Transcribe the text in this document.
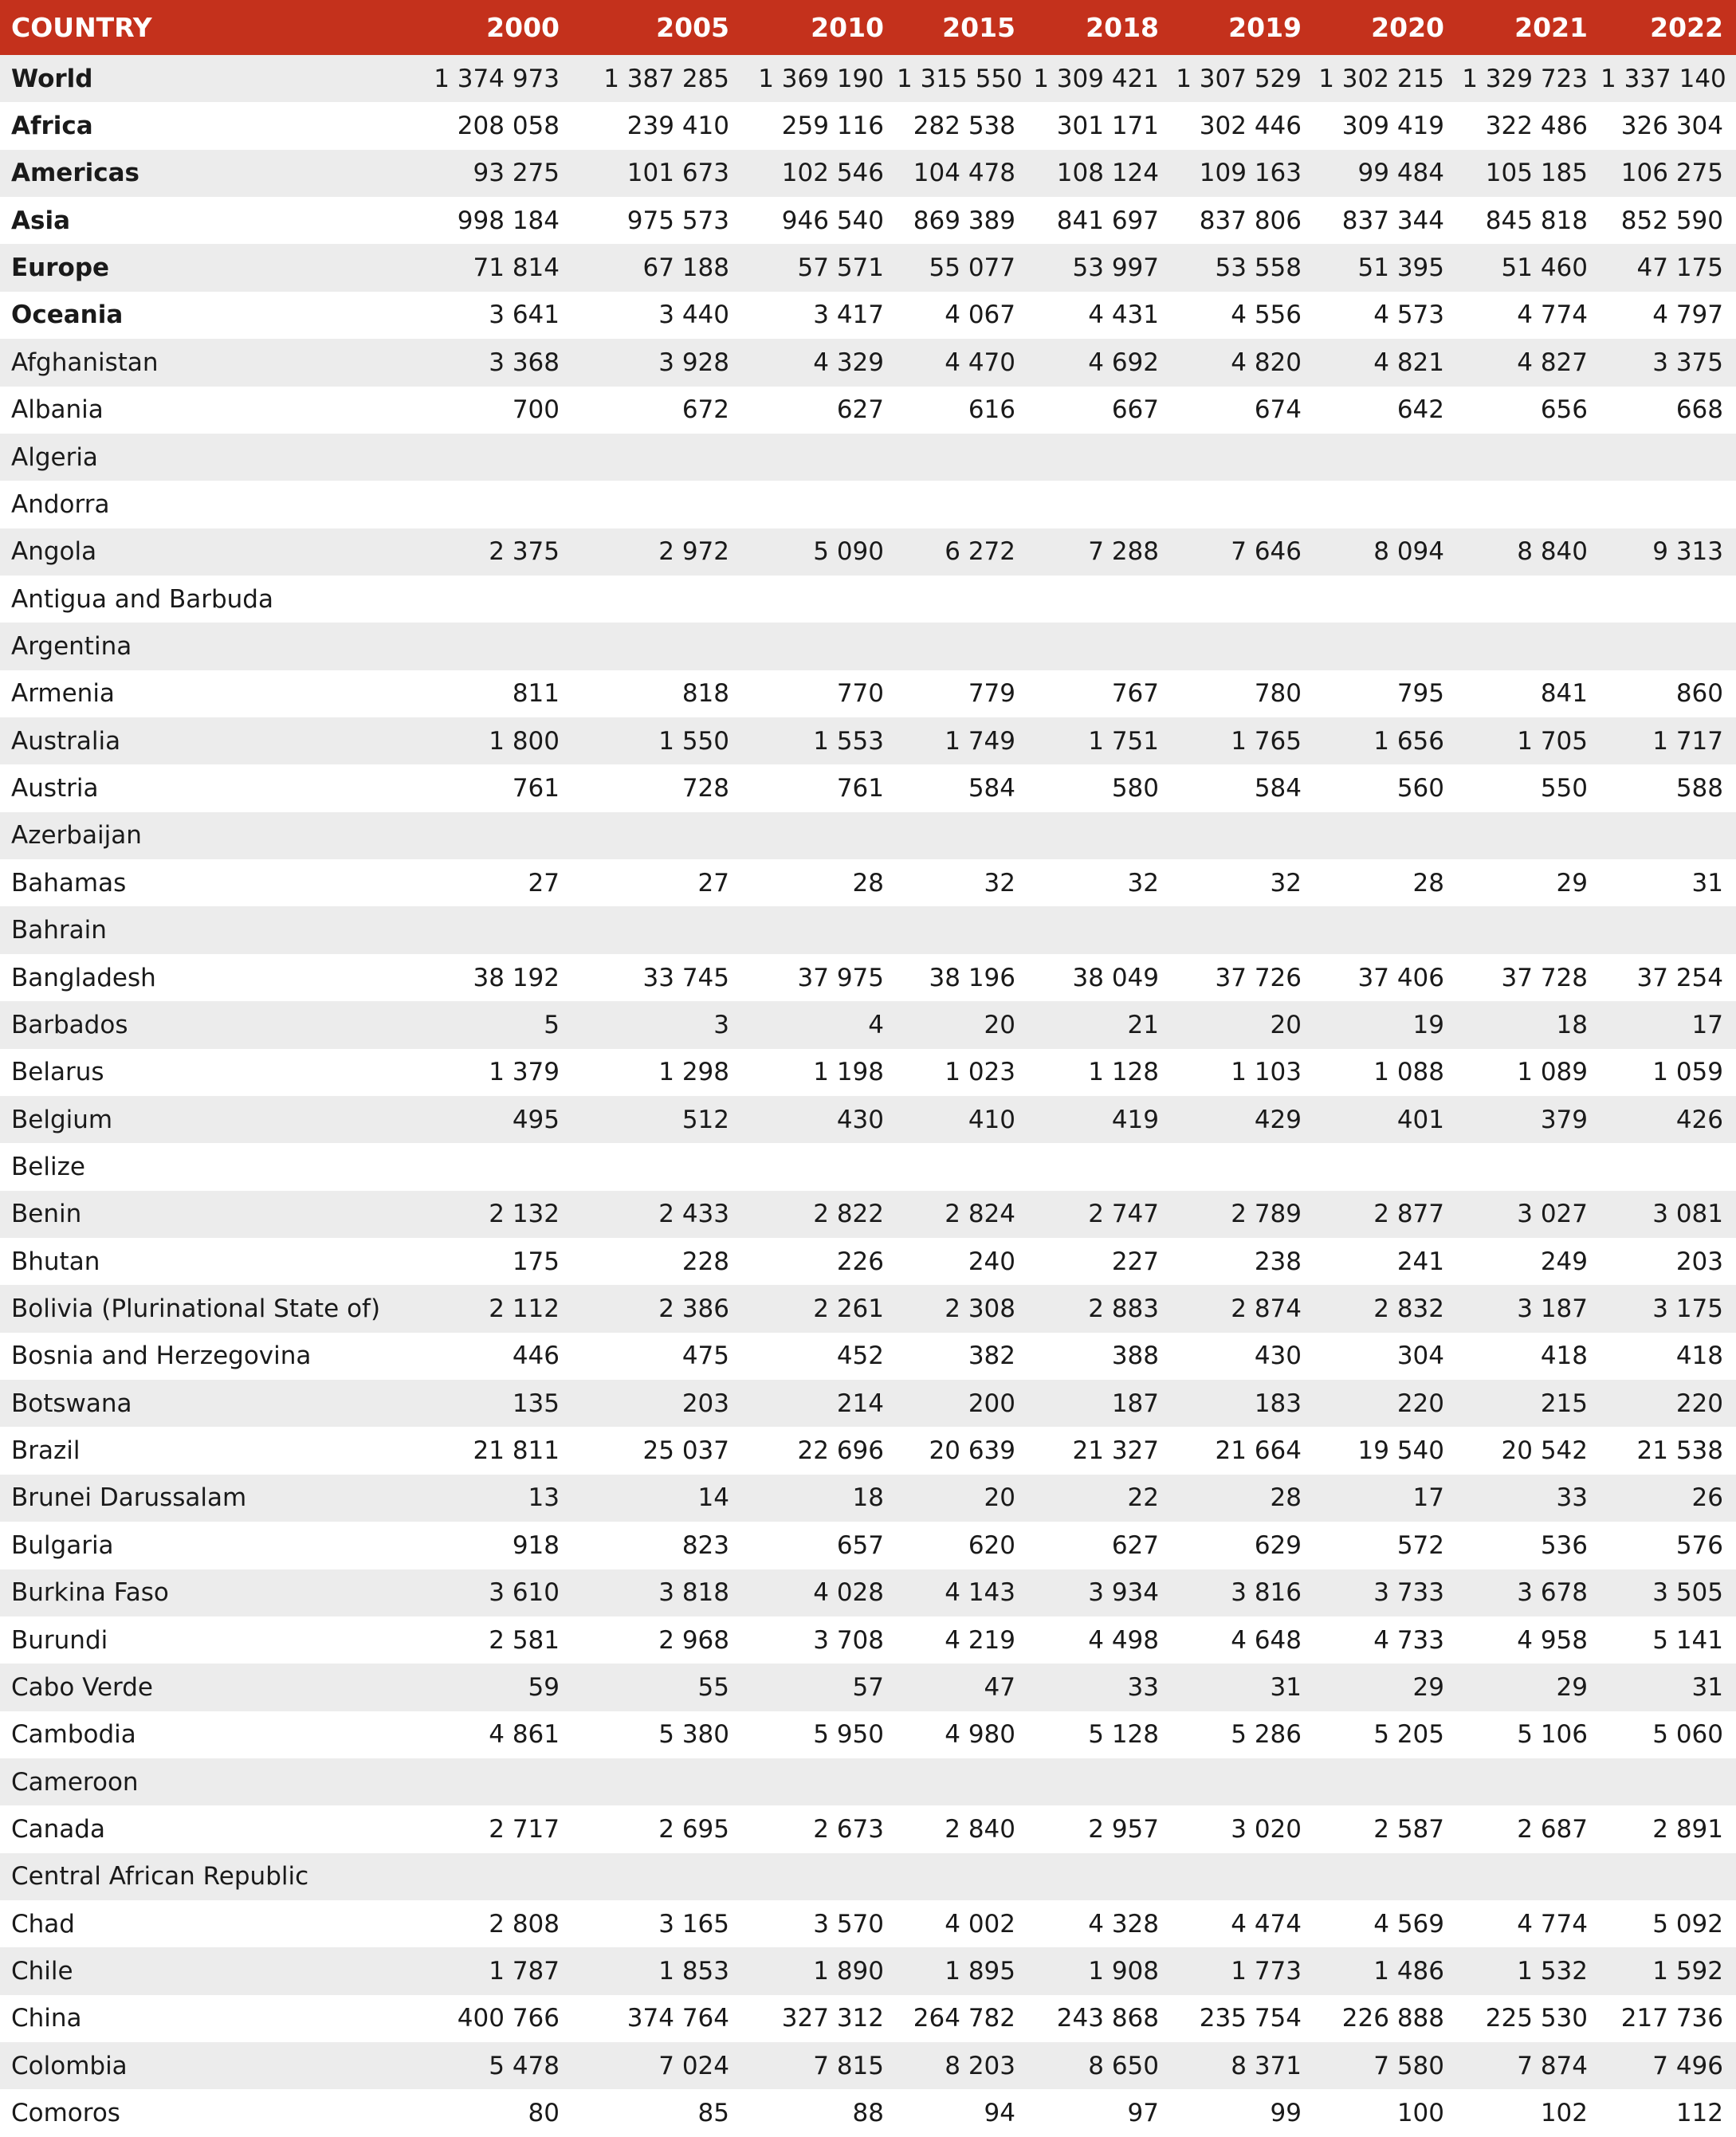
COUNTRY	2000	2005	2010	2015	2018	2019	2020	2021	2022
World	1 374 973	1 387 285	1 369 190	1 315 550	1 309 421	1 307 529	1 302 215	1 329 723	1 337 140
Africa	208 058	239 410	259 116	282 538	301 171	302 446	309 419	322 486	326 304
Americas	93 275	101 673	102 546	104 478	108 124	109 163	99 484	105 185	106 275
Asia	998 184	975 573	946 540	869 389	841 697	837 806	837 344	845 818	852 590
Europe	71 814	67 188	57 571	55 077	53 997	53 558	51 395	51 460	47 175
Oceania	3 641	3 440	3 417	4 067	4 431	4 556	4 573	4 774	4 797
Afghanistan	3 368	3 928	4 329	4 470	4 692	4 820	4 821	4 827	3 375
Albania	700	672	627	616	667	674	642	656	668
Algeria									
Andorra									
Angola	2 375	2 972	5 090	6 272	7 288	7 646	8 094	8 840	9 313
Antigua and Barbuda									
Argentina									
Armenia	811	818	770	779	767	780	795	841	860
Australia	1 800	1 550	1 553	1 749	1 751	1 765	1 656	1 705	1 717
Austria	761	728	761	584	580	584	560	550	588
Azerbaijan									
Bahamas	27	27	28	32	32	32	28	29	31
Bahrain									
Bangladesh	38 192	33 745	37 975	38 196	38 049	37 726	37 406	37 728	37 254
Barbados	5	3	4	20	21	20	19	18	17
Belarus	1 379	1 298	1 198	1 023	1 128	1 103	1 088	1 089	1 059
Belgium	495	512	430	410	419	429	401	379	426
Belize									
Benin	2 132	2 433	2 822	2 824	2 747	2 789	2 877	3 027	3 081
Bhutan	175	228	226	240	227	238	241	249	203
Bolivia (Plurinational State of)	2 112	2 386	2 261	2 308	2 883	2 874	2 832	3 187	3 175
Bosnia and Herzegovina	446	475	452	382	388	430	304	418	418
Botswana	135	203	214	200	187	183	220	215	220
Brazil	21 811	25 037	22 696	20 639	21 327	21 664	19 540	20 542	21 538
Brunei Darussalam	13	14	18	20	22	28	17	33	26
Bulgaria	918	823	657	620	627	629	572	536	576
Burkina Faso	3 610	3 818	4 028	4 143	3 934	3 816	3 733	3 678	3 505
Burundi	2 581	2 968	3 708	4 219	4 498	4 648	4 733	4 958	5 141
Cabo Verde	59	55	57	47	33	31	29	29	31
Cambodia	4 861	5 380	5 950	4 980	5 128	5 286	5 205	5 106	5 060
Cameroon									
Canada	2 717	2 695	2 673	2 840	2 957	3 020	2 587	2 687	2 891
Central African Republic									
Chad	2 808	3 165	3 570	4 002	4 328	4 474	4 569	4 774	5 092
Chile	1 787	1 853	1 890	1 895	1 908	1 773	1 486	1 532	1 592
China	400 766	374 764	327 312	264 782	243 868	235 754	226 888	225 530	217 736
Colombia	5 478	7 024	7 815	8 203	8 650	8 371	7 580	7 874	7 496
Comoros	80	85	88	94	97	99	100	102	112
